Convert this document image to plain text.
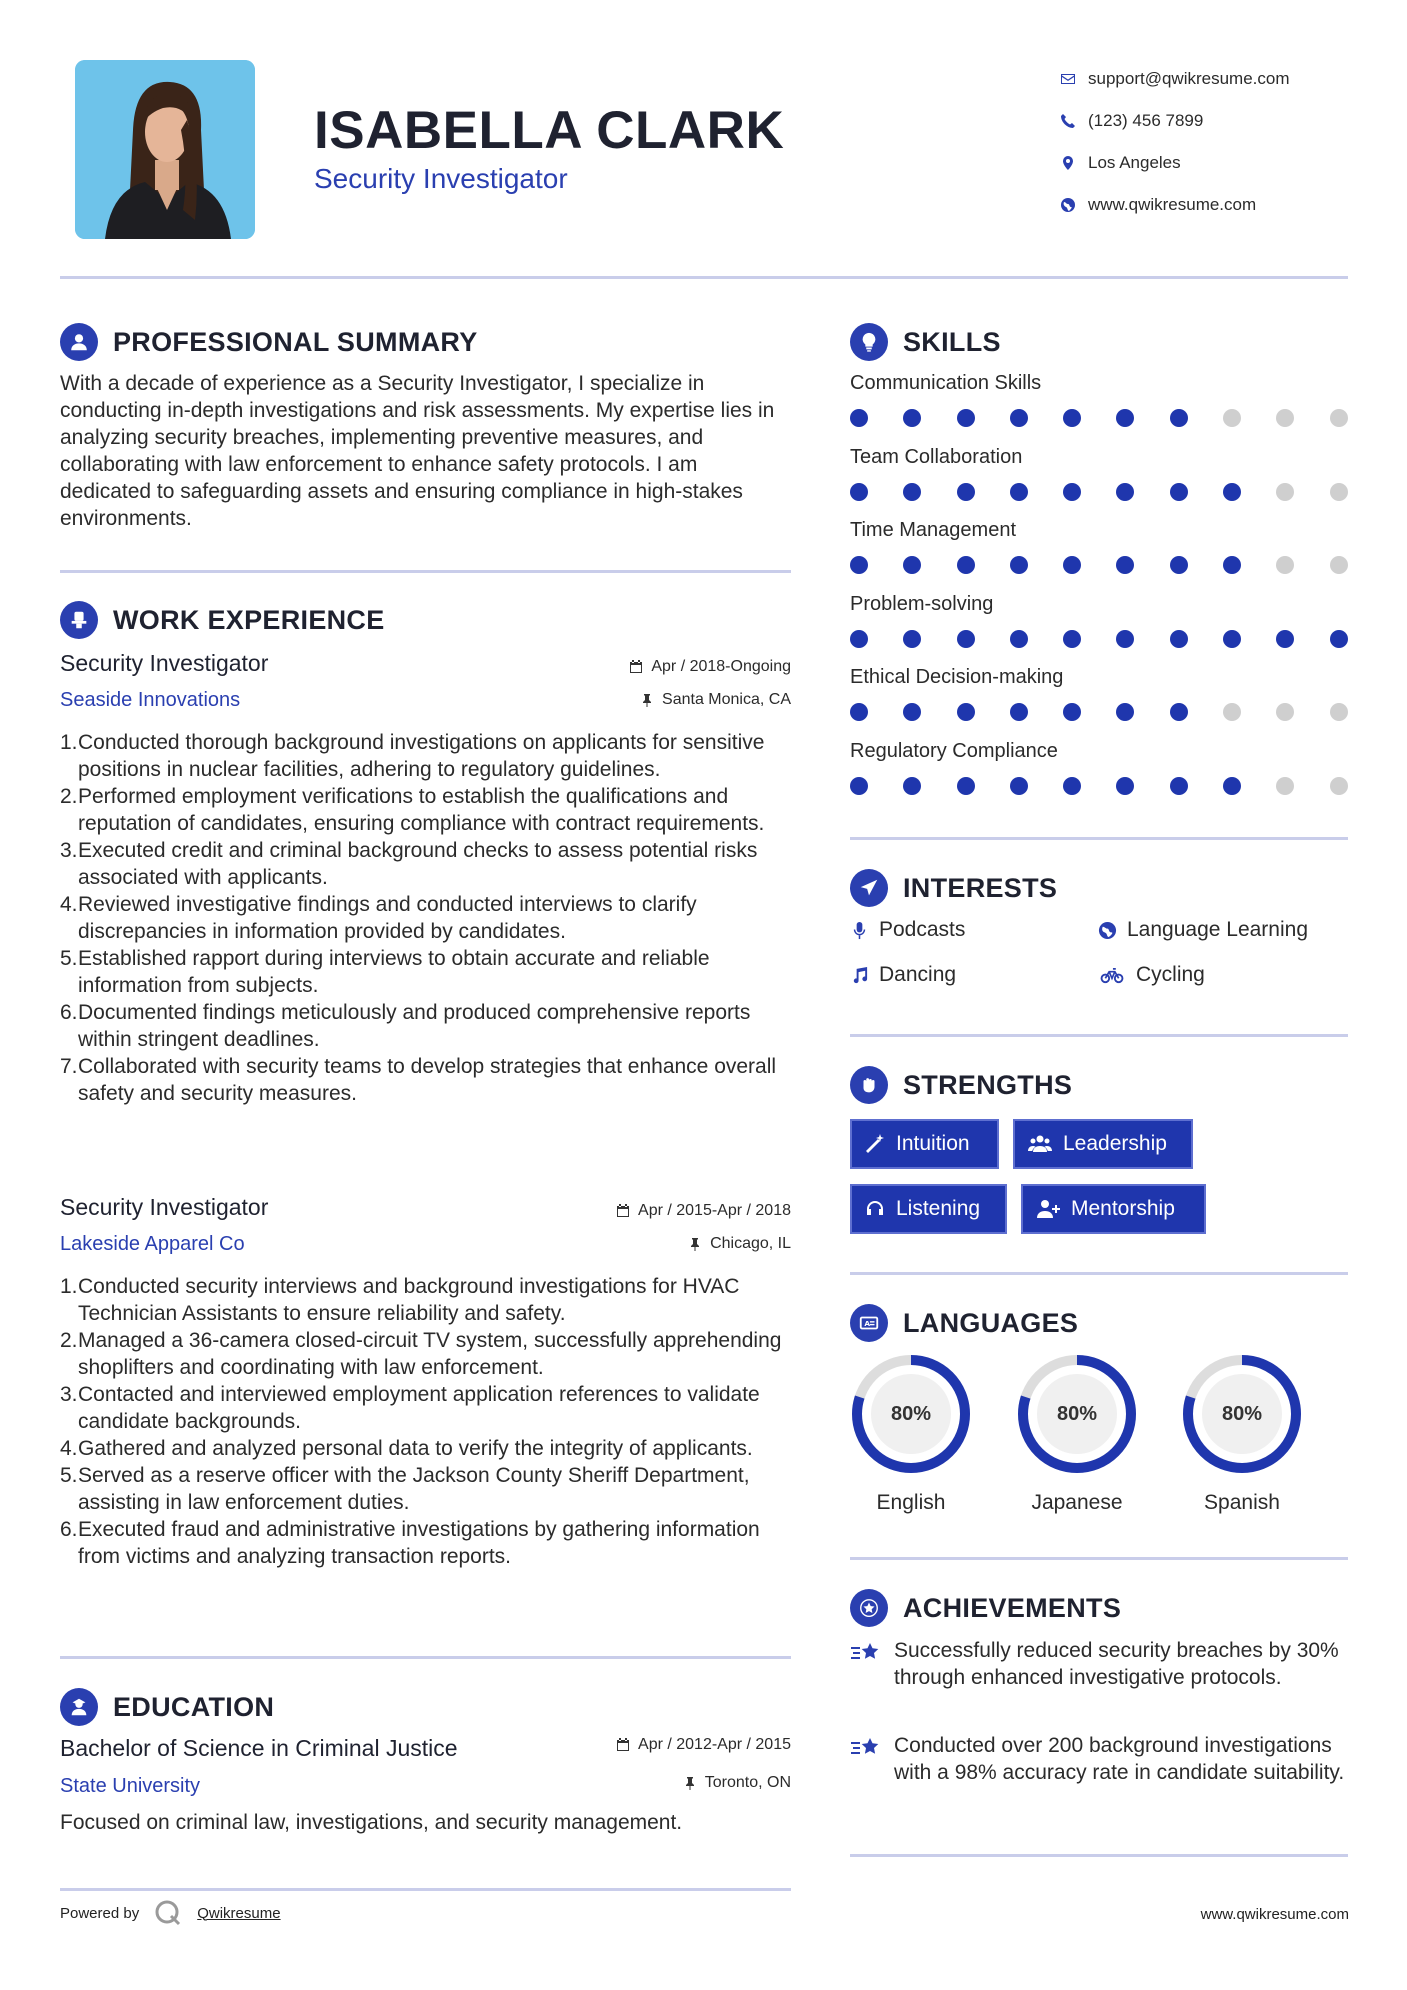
ISABELLA CLARK
Security Investigator
support@qwikresume.com
(123) 456 7899
Los Angeles
www.qwikresume.com
PROFESSIONAL SUMMARY
With a decade of experience as a Security Investigator, I specialize in conducting in-depth investigations and risk assessments. My expertise lies in analyzing security breaches, implementing preventive measures, and collaborating with law enforcement to enhance safety protocols. I am dedicated to safeguarding assets and ensuring compliance in high-stakes environments.
WORK EXPERIENCE
Security Investigator
Seaside Innovations
Apr / 2018-Ongoing
Santa Monica, CA
1. Conducted thorough background investigations on applicants for sensitive positions in nuclear facilities, adhering to regulatory guidelines.
2. Performed employment verifications to establish the qualifications and reputation of candidates, ensuring compliance with contract requirements.
3. Executed credit and criminal background checks to assess potential risks associated with applicants.
4. Reviewed investigative findings and conducted interviews to clarify discrepancies in information provided by candidates.
5. Established rapport during interviews to obtain accurate and reliable information from subjects.
6. Documented findings meticulously and produced comprehensive reports within stringent deadlines.
7. Collaborated with security teams to develop strategies that enhance overall safety and security measures.
Security Investigator
Lakeside Apparel Co
Apr / 2015-Apr / 2018
Chicago, IL
1. Conducted security interviews and background investigations for HVAC Technician Assistants to ensure reliability and safety.
2. Managed a 36-camera closed-circuit TV system, successfully apprehending shoplifters and coordinating with law enforcement.
3. Contacted and interviewed employment application references to validate candidate backgrounds.
4. Gathered and analyzed personal data to verify the integrity of applicants.
5. Served as a reserve officer with the Jackson County Sheriff Department, assisting in law enforcement duties.
6. Executed fraud and administrative investigations by gathering information from victims and analyzing transaction reports.
EDUCATION
Bachelor of Science in Criminal Justice
State University
Apr / 2012-Apr / 2015
Toronto, ON
Focused on criminal law, investigations, and security management.
SKILLS
Communication Skills
Team Collaboration
Time Management
Problem-solving
Ethical Decision-making
Regulatory Compliance
INTERESTS
Podcasts	Language Learning
Dancing	Cycling
STRENGTHS
Intuition	Leadership
Listening	Mentorship
A LANGUAGES
80%
English
80%
Japanese
80%
Spanish
ACHIEVEMENTS
Successfully reduced security breaches by 30% through enhanced investigative protocols.
Conducted over 200 background investigations with a 98% accuracy rate in candidate suitability.
Powered by	Qwikresume	www.qwikresume.com
